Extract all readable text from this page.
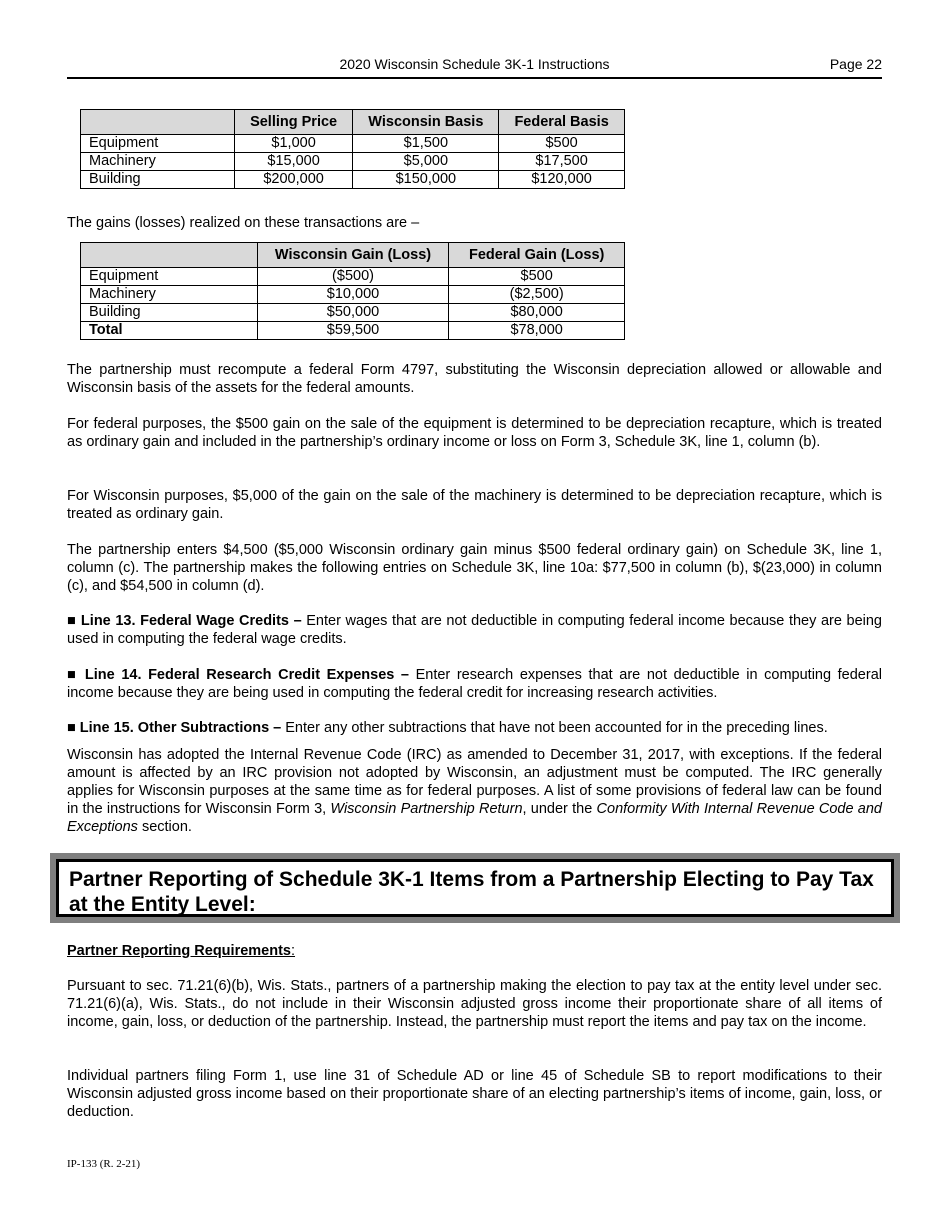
2020 Wisconsin Schedule 3K-1 Instructions	Page 22
	Selling Price	Wisconsin Basis	Federal Basis
Equipment	$1,000	$1,500	$500
Machinery	$15,000	$5,000	$17,500
Building	$200,000	$150,000	$120,000
The gains (losses) realized on these transactions are –
	Wisconsin Gain (Loss)	Federal Gain (Loss)
Equipment	($500)	$500
Machinery	$10,000	($2,500)
Building	$50,000	$80,000
Total	$59,500	$78,000
The partnership must recompute a federal Form 4797, substituting the Wisconsin depreciation allowed or allowable and Wisconsin basis of the assets for the federal amounts.
For federal purposes, the $500 gain on the sale of the equipment is determined to be depreciation recapture, which is treated as ordinary gain and included in the partnership’s ordinary income or loss on Form 3, Schedule 3K, line 1, column (b).
For Wisconsin purposes, $5,000 of the gain on the sale of the machinery is determined to be depreciation recapture, which is treated as ordinary gain.
The partnership enters $4,500 ($5,000 Wisconsin ordinary gain minus $500 federal ordinary gain) on Schedule 3K, line 1, column (c). The partnership makes the following entries on Schedule 3K, line 10a: $77,500 in column (b), $(23,000) in column (c), and $54,500 in column (d).
■ Line 13. Federal Wage Credits – Enter wages that are not deductible in computing federal income because they are being used in computing the federal wage credits.
■ Line 14. Federal Research Credit Expenses – Enter research expenses that are not deductible in computing federal income because they are being used in computing the federal credit for increasing research activities.
■ Line 15. Other Subtractions – Enter any other subtractions that have not been accounted for in the preceding lines.
Wisconsin has adopted the Internal Revenue Code (IRC) as amended to December 31, 2017, with exceptions. If the federal amount is affected by an IRC provision not adopted by Wisconsin, an adjustment must be computed. The IRC generally applies for Wisconsin purposes at the same time as for federal purposes. A list of some provisions of federal law can be found in the instructions for Wisconsin Form 3, Wisconsin Partnership Return, under the Conformity With Internal Revenue Code and Exceptions section.
Partner Reporting of Schedule 3K-1 Items from a Partnership Electing to Pay Tax at the Entity Level:
Partner Reporting Requirements:
Pursuant to sec. 71.21(6)(b), Wis. Stats., partners of a partnership making the election to pay tax at the entity level under sec. 71.21(6)(a), Wis. Stats., do not include in their Wisconsin adjusted gross income their proportionate share of all items of income, gain, loss, or deduction of the partnership. Instead, the partnership must report the items and pay tax on the income.
Individual partners filing Form 1, use line 31 of Schedule AD or line 45 of Schedule SB to report modifications to their Wisconsin adjusted gross income based on their proportionate share of an electing partnership’s items of income, gain, loss, or deduction.
IP-133 (R. 2-21)
